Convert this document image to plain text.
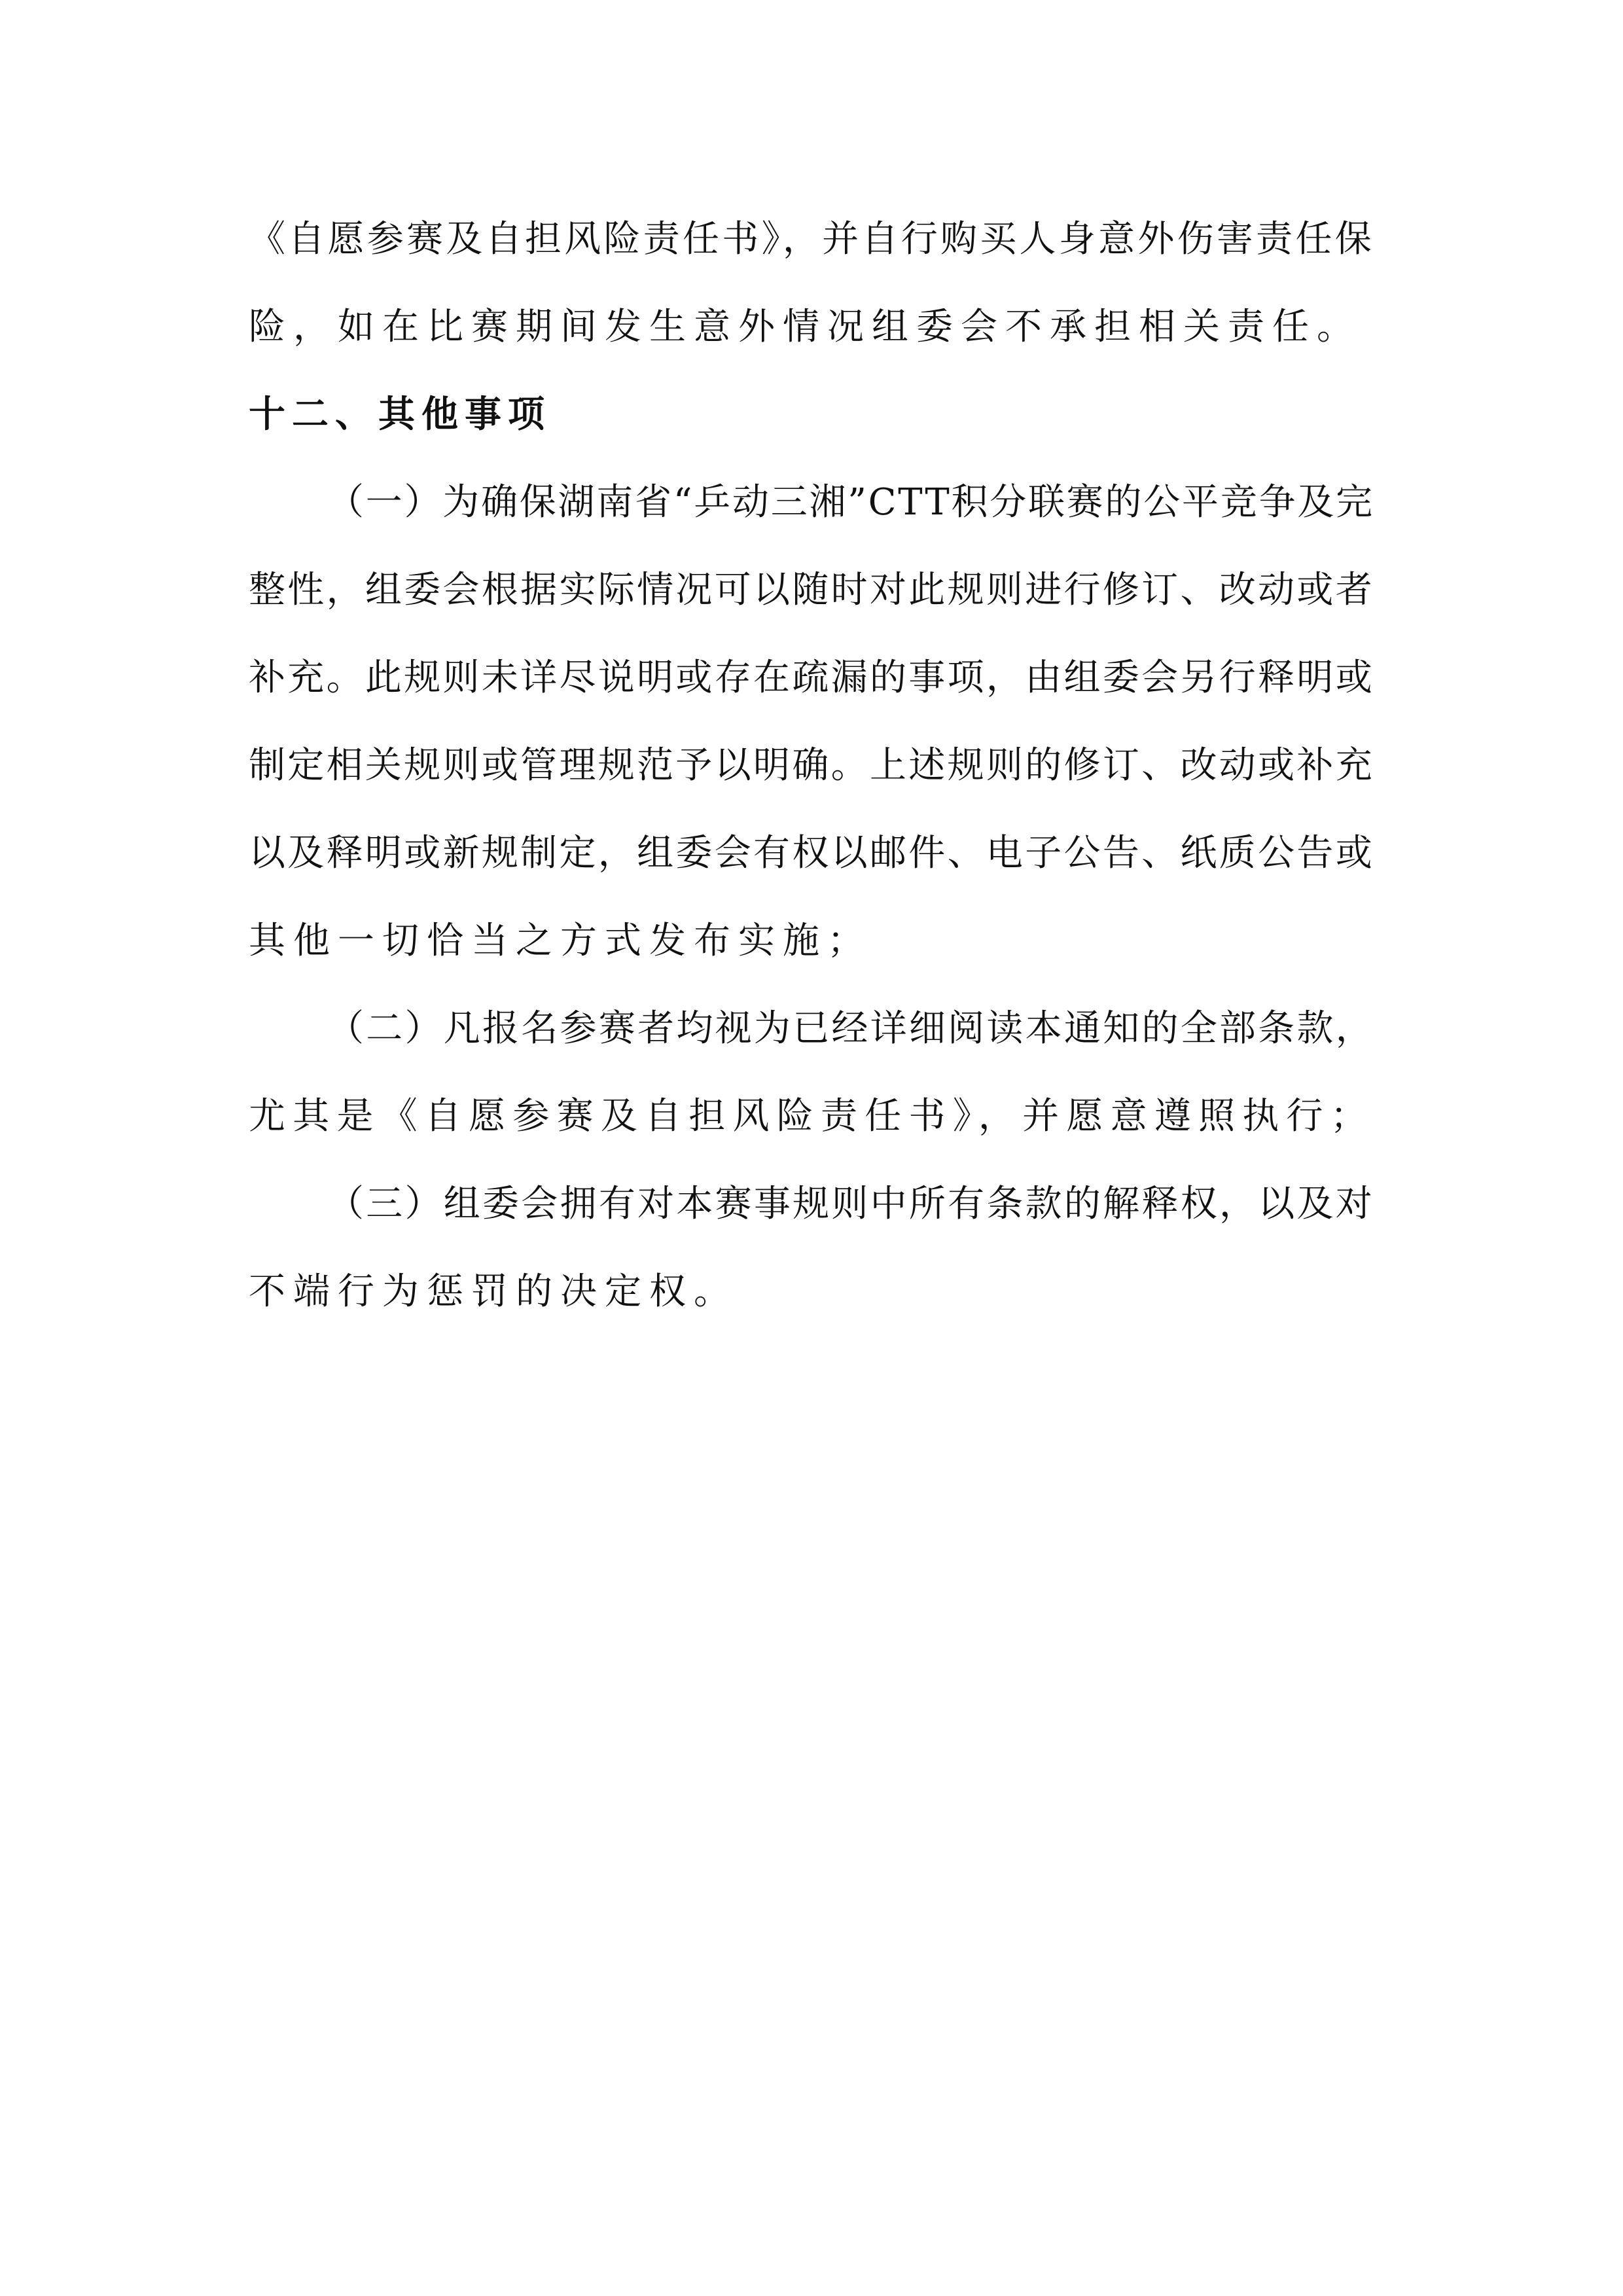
《自愿参赛及自担风险责任书》，并自行购买人身意外伤害责任保
险，如在比赛期间发生意外情况组委会不承担相关责任。
十二、其他事项
（一）为确保湖南省“乒动三湘”CTT积分联赛的公平竞争及完
整性，组委会根据实际情况可以随时对此规则进行修订、改动或者
补充。此规则未详尽说明或存在疏漏的事项，由组委会另行释明或
制定相关规则或管理规范予以明确。上述规则的修订、改动或补充
以及释明或新规制定，组委会有权以邮件、电子公告、纸质公告或
其他一切恰当之方式发布实施；
（二）凡报名参赛者均视为已经详细阅读本通知的全部条款，
尤其是《自愿参赛及自担风险责任书》，并愿意遵照执行；
（三）组委会拥有对本赛事规则中所有条款的解释权，以及对
不端行为惩罚的决定权。
